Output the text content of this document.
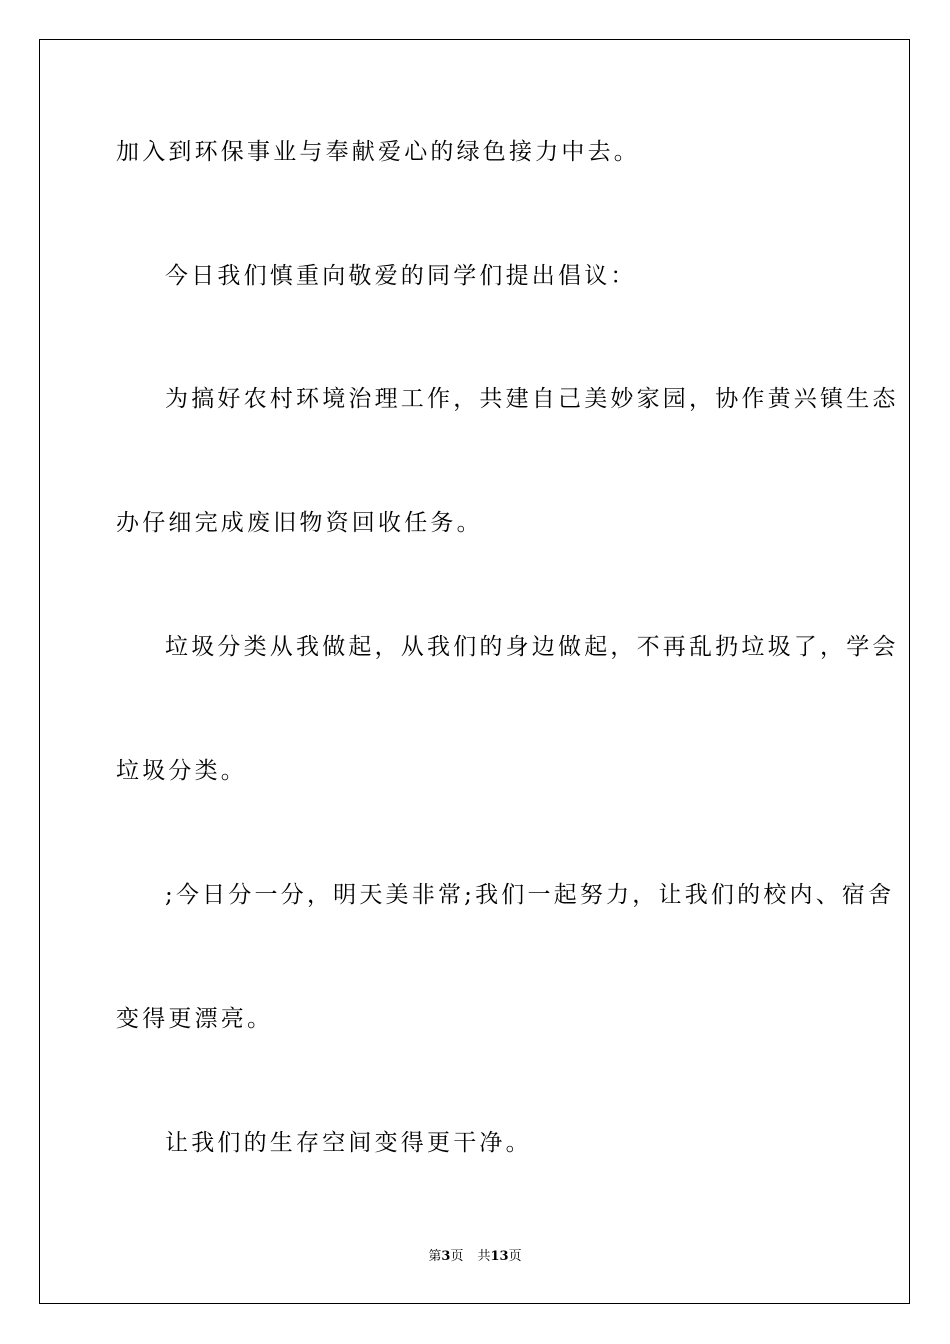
加入到环保事业与奉献爱心的绿色接力中去。
今日我们慎重向敬爱的同学们提出倡议：
为搞好农村环境治理工作，共建自己美妙家园，协作黄兴镇生态
办仔细完成废旧物资回收任务。
垃圾分类从我做起，从我们的身边做起，不再乱扔垃圾了，学会
垃圾分类。
;今日分一分，明天美非常;我们一起努力，让我们的校内、宿舍
变得更漂亮。
让我们的生存空间变得更干净。
第3页 共13页
